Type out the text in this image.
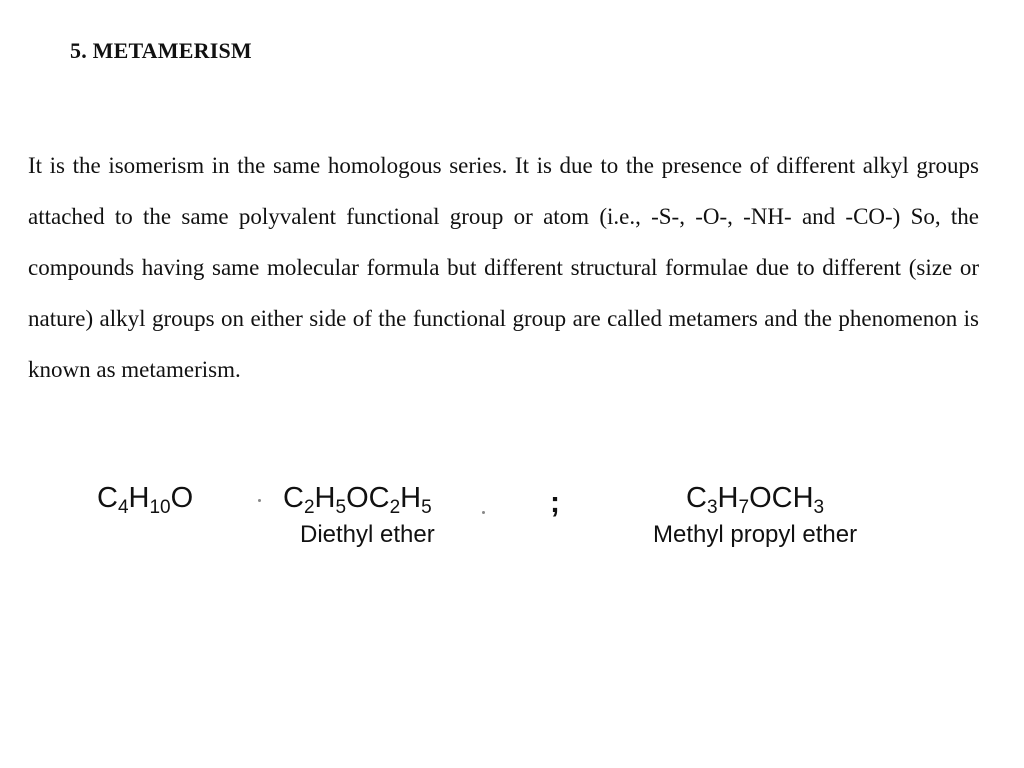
5. METAMERISM

It is the isomerism in the same homologous series. It is due to the presence of different alkyl groups attached to the same polyvalent functional group or atom (i.e., -S-, -O-, -NH- and -CO-) So, the compounds having same molecular formula but different structural formulae due to different (size or nature) alkyl groups on either side of the functional group are called metamers and the phenomenon is known as metamerism.

$C_4H_{10}O$	$C_2H_5OC_2H_5$
Diethyl ether
;	$C_3H_7OCH_3$
Methyl propyl ether
